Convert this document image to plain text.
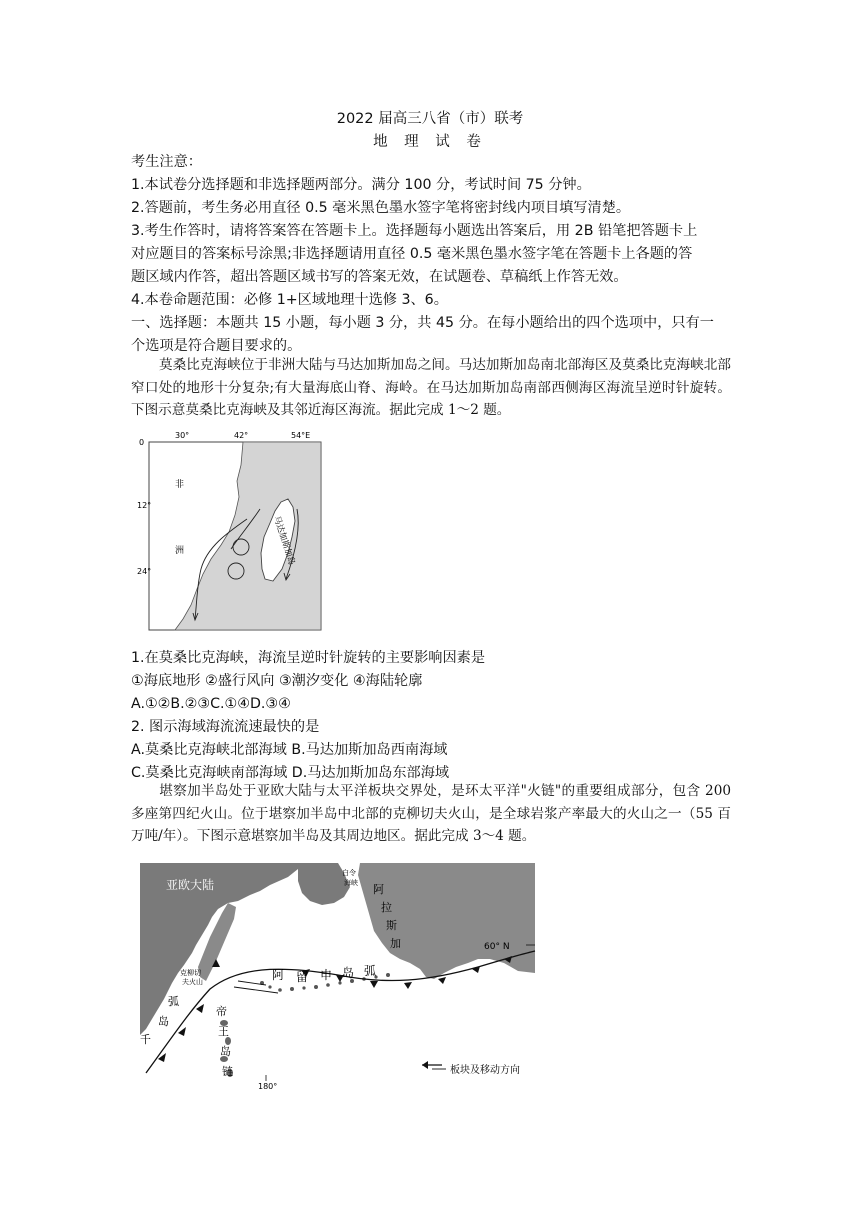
2022 届高三八省（市）联考
地 理 试 卷
考生注意：
1.本试卷分选择题和非选择题两部分。满分 100 分，考试时间 75 分钟。
2.答题前，考生务必用直径 0.5 毫米黑色墨水签字笔将密封线内项目填写清楚。
3.考生作答时，请将答案答在答题卡上。选择题每小题选出答案后，用 2B 铅笔把答题卡上
对应题目的答案标号涂黑;非选择题请用直径 0.5 毫米黑色墨水签字笔在答题卡上各题的答
题区域内作答，超出答题区域书写的答案无效，在试题卷、草稿纸上作答无效。
4.本卷命题范围：必修 1+区域地理十选修 3、6。
一、选择题：本题共 15 小题，每小题 3 分，共 45 分。在每小题给出的四个选项中，只有一
个选项是符合题目要求的。
莫桑比克海峡位于非洲大陆与马达加斯加岛之间。马达加斯加岛南北部海区及莫桑比克海峡北部窄口处的地形十分复杂;有大量海底山脊、海岭。在马达加斯加岛南部西侧海区海流呈逆时针旋转。下图示意莫桑比克海峡及其邻近海区海流。据此完成 1～2 题。
30°	42°	54°E
0
12°
24°
非
洲	马达加斯加岛
1.在莫桑比克海峡，海流呈逆时针旋转的主要影响因素是
①海底地形 ②盛行风向 ③潮汐变化 ④海陆轮廓
A.①②B.②③C.①④D.③④
2. 图示海域海流流速最快的是
A.莫桑比克海峡北部海域 B.马达加斯加岛西南海域
C.莫桑比克海峡南部海域 D.马达加斯加岛东部海域
堪察加半岛处于亚欧大陆与太平洋板块交界处，是环太平洋"火链"的重要组成部分，包含 200 多座第四纪火山。位于堪察加半岛中北部的克柳切夫火山，是全球岩浆产率最大的火山之一（55 百万吨/年）。下图示意堪察加半岛及其周边地区。据此完成 3～4 题。
亚欧大陆
白令
海峡 阿
拉
斯
加	60° N
克柳切
夫火山	阿 留 申 岛 弧
千
岛
弧
帝
王
岛
链
180°
板块及移动方向
